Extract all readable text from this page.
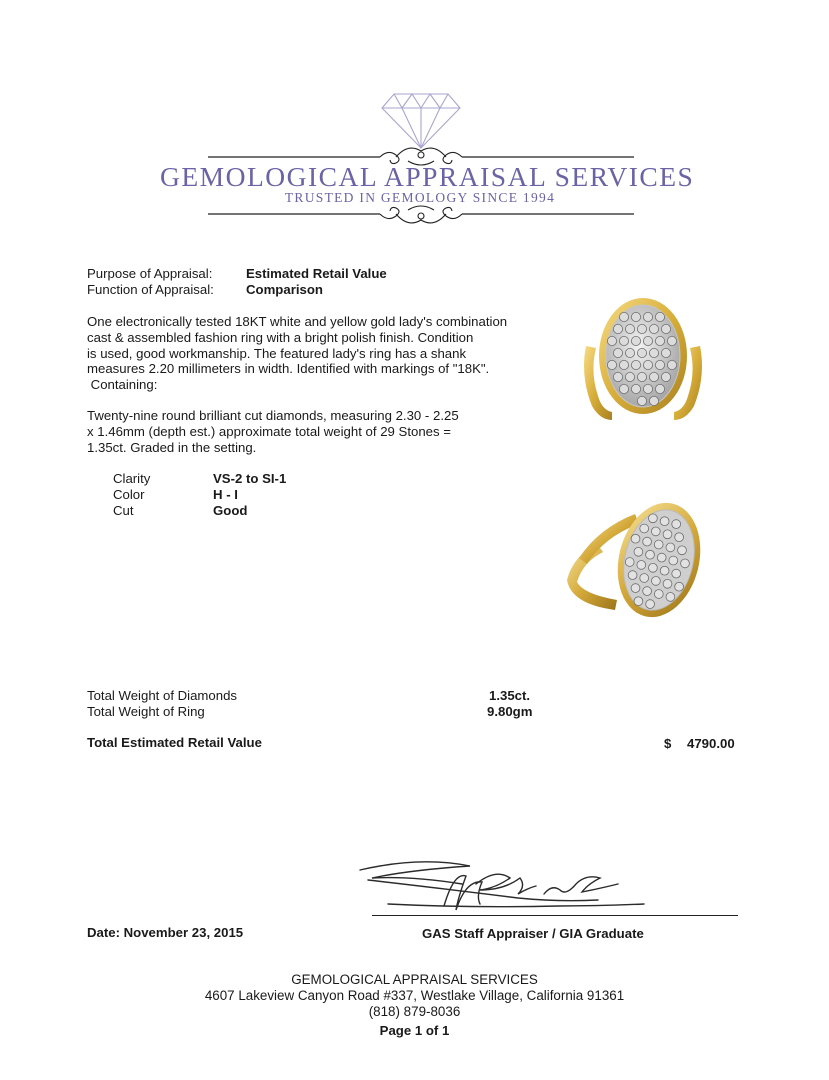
GEMOLOGICAL APPRAISAL SERVICES
TRUSTED IN GEMOLOGY SINCE 1994
Purpose of Appraisal:	Estimated Retail Value
Function of Appraisal: Comparison
One electronically tested 18KT white and yellow gold lady's combination
cast & assembled fashion ring with a bright polish finish. Condition
is used, good workmanship. The featured lady's ring has a shank
measures 2.20 millimeters in width. Identified with markings of "18K".
Containing:
Twenty-nine round brilliant cut diamonds, measuring 2.30 - 2.25
x 1.46mm (depth est.) approximate total weight of 29 Stones =
1.35ct. Graded in the setting.
Clarity	VS-2 to SI-1
Color	H - I
Cut	Good
Total Weight of Diamonds	1.35ct.
Total Weight of Ring	9.80gm
Total Estimated Retail Value	$ 4790.00
Date: November 23, 2015	GAS Staff Appraiser / GIA Graduate
GEMOLOGICAL APPRAISAL SERVICES
4607 Lakeview Canyon Road #337, Westlake Village, California 91361
(818) 879-8036
Page 1 of 1
